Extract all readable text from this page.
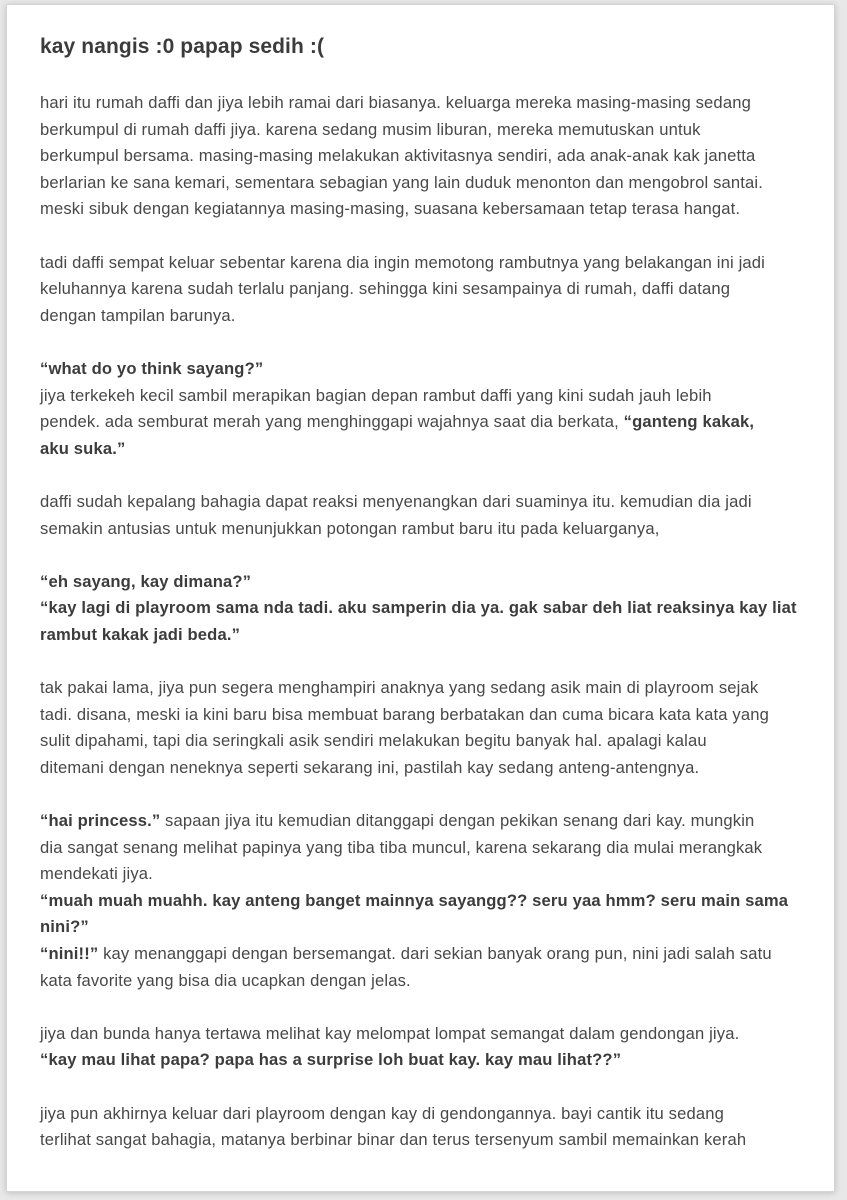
kay nangis :0 papap sedih :(

hari itu rumah daffi dan jiya lebih ramai dari biasanya. keluarga mereka masing-masing sedang
berkumpul di rumah daffi jiya. karena sedang musim liburan, mereka memutuskan untuk
berkumpul bersama. masing-masing melakukan aktivitasnya sendiri, ada anak-anak kak janetta
berlarian ke sana kemari, sementara sebagian yang lain duduk menonton dan mengobrol santai.
meski sibuk dengan kegiatannya masing-masing, suasana kebersamaan tetap terasa hangat.

tadi daffi sempat keluar sebentar karena dia ingin memotong rambutnya yang belakangan ini jadi
keluhannya karena sudah terlalu panjang. sehingga kini sesampainya di rumah, daffi datang
dengan tampilan barunya.

“what do yo think sayang?”
jiya terkekeh kecil sambil merapikan bagian depan rambut daffi yang kini sudah jauh lebih
pendek. ada semburat merah yang menghinggapi wajahnya saat dia berkata, “ganteng kakak,
aku suka.”

daffi sudah kepalang bahagia dapat reaksi menyenangkan dari suaminya itu. kemudian dia jadi
semakin antusias untuk menunjukkan potongan rambut baru itu pada keluarganya,

“eh sayang, kay dimana?”
“kay lagi di playroom sama nda tadi. aku samperin dia ya. gak sabar deh liat reaksinya kay liat
rambut kakak jadi beda.”

tak pakai lama, jiya pun segera menghampiri anaknya yang sedang asik main di playroom sejak
tadi. disana, meski ia kini baru bisa membuat barang berbatakan dan cuma bicara kata kata yang
sulit dipahami, tapi dia seringkali asik sendiri melakukan begitu banyak hal. apalagi kalau
ditemani dengan neneknya seperti sekarang ini, pastilah kay sedang anteng-antengnya.

“hai princess.” sapaan jiya itu kemudian ditanggapi dengan pekikan senang dari kay. mungkin
dia sangat senang melihat papinya yang tiba tiba muncul, karena sekarang dia mulai merangkak
mendekati jiya.
“muah muah muahh. kay anteng banget mainnya sayangg?? seru yaa hmm? seru main sama
nini?”
“nini!!” kay menanggapi dengan bersemangat. dari sekian banyak orang pun, nini jadi salah satu
kata favorite yang bisa dia ucapkan dengan jelas.

jiya dan bunda hanya tertawa melihat kay melompat lompat semangat dalam gendongan jiya.
“kay mau lihat papa? papa has a surprise loh buat kay. kay mau lihat??”

jiya pun akhirnya keluar dari playroom dengan kay di gendongannya. bayi cantik itu sedang
terlihat sangat bahagia, matanya berbinar binar dan terus tersenyum sambil memainkan kerah
